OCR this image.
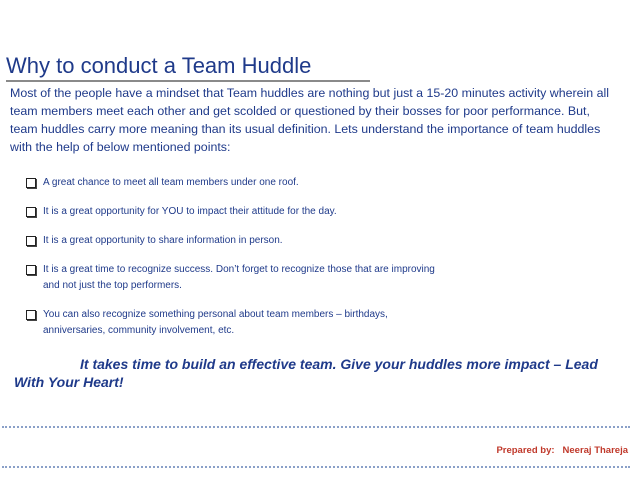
Why to conduct a Team Huddle
Most of the people have a mindset that Team huddles are nothing but just a 15-20 minutes activity wherein all team members meet each other and get scolded or questioned by their bosses for poor performance. But, team huddles carry more meaning than its usual definition. Lets understand the importance of team huddles with the help of below mentioned points:
A great chance to meet all team members under one roof.
It is a great opportunity for YOU to impact their attitude for the day.
It is a great opportunity to share information in person.
It is a great time to recognize success. Don’t forget to recognize those that are improving and not just the top performers.
You can also recognize something personal about team members – birthdays, anniversaries, community involvement, etc.
It takes time to build an effective team. Give your huddles more impact – Lead With Your Heart!
Prepared by: Neeraj Thareja
